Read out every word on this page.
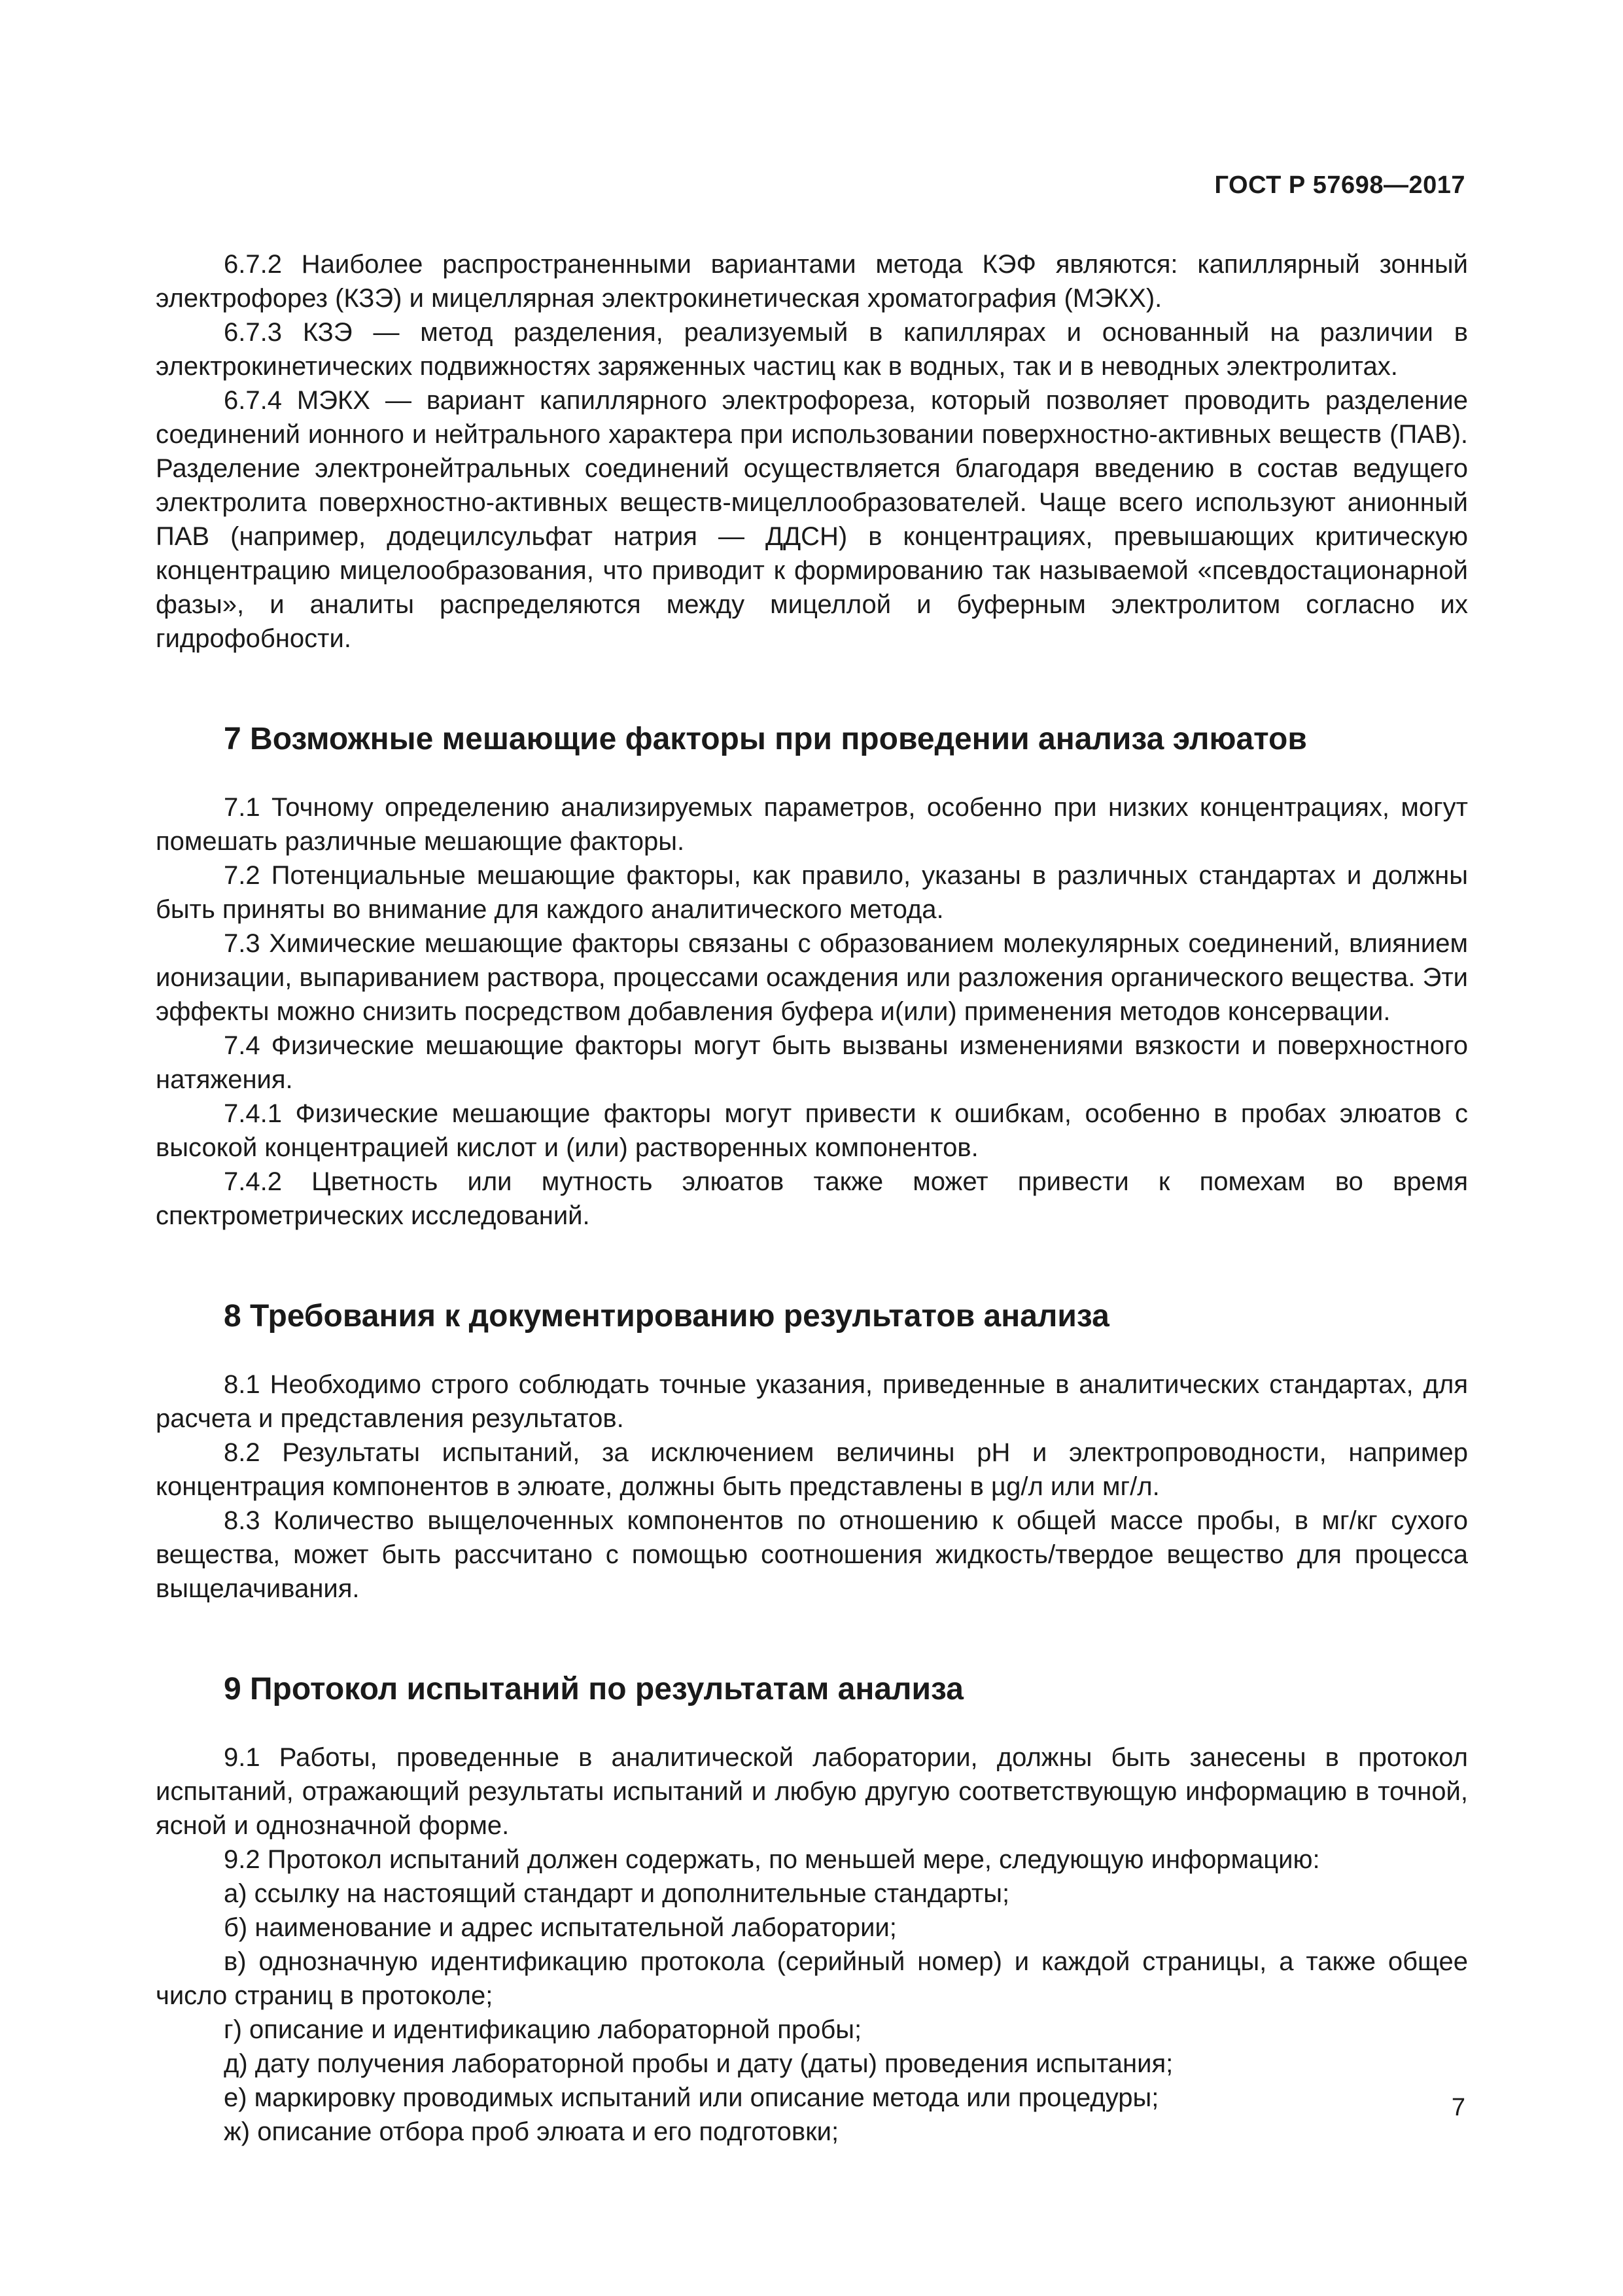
ГОСТ Р 57698—2017

6.7.2 Наиболее распространенными вариантами метода КЭФ являются: капиллярный зонный электрофорез (КЗЭ) и мицеллярная электрокинетическая хроматография (МЭКХ).

6.7.3 КЗЭ — метод разделения, реализуемый в капиллярах и основанный на различии в электрокинетических подвижностях заряженных частиц как в водных, так и в неводных электролитах.

6.7.4 МЭКХ — вариант капиллярного электрофореза, который позволяет проводить разделение соединений ионного и нейтрального характера при использовании поверхностно-активных веществ (ПАВ). Разделение электронейтральных соединений осуществляется благодаря введению в состав ведущего электролита поверхностно-активных веществ-мицеллообразователей. Чаще всего используют анионный ПАВ (например, додецилсульфат натрия — ДДСН) в концентрациях, превышающих критическую концентрацию мицелообразования, что приводит к формированию так называемой «псевдостационарной фазы», и аналиты распределяются между мицеллой и буферным электролитом согласно их гидрофобности.

7 Возможные мешающие факторы при проведении анализа элюатов

7.1 Точному определению анализируемых параметров, особенно при низких концентрациях, могут помешать различные мешающие факторы.

7.2 Потенциальные мешающие факторы, как правило, указаны в различных стандартах и должны быть приняты во внимание для каждого аналитического метода.

7.3 Химические мешающие факторы связаны с образованием молекулярных соединений, влиянием ионизации, выпариванием раствора, процессами осаждения или разложения органического вещества. Эти эффекты можно снизить посредством добавления буфера и(или) применения методов консервации.

7.4 Физические мешающие факторы могут быть вызваны изменениями вязкости и поверхностного натяжения.

7.4.1 Физические мешающие факторы могут привести к ошибкам, особенно в пробах элюатов с высокой концентрацией кислот и (или) растворенных компонентов.

7.4.2 Цветность или мутность элюатов также может привести к помехам во время спектрометрических исследований.

8 Требования к документированию результатов анализа

8.1 Необходимо строго соблюдать точные указания, приведенные в аналитических стандартах, для расчета и представления результатов.

8.2 Результаты испытаний, за исключением величины pH и электропроводности, например концентрация компонентов в элюате, должны быть представлены в µg/л или мг/л.

8.3 Количество выщелоченных компонентов по отношению к общей массе пробы, в мг/кг сухого вещества, может быть рассчитано с помощью соотношения жидкость/твердое вещество для процесса выщелачивания.

9 Протокол испытаний по результатам анализа

9.1 Работы, проведенные в аналитической лаборатории, должны быть занесены в протокол испытаний, отражающий результаты испытаний и любую другую соответствующую информацию в точной, ясной и однозначной форме.

9.2 Протокол испытаний должен содержать, по меньшей мере, следующую информацию:

а) ссылку на настоящий стандарт и дополнительные стандарты;

б) наименование и адрес испытательной лаборатории;

в) однозначную идентификацию протокола (серийный номер) и каждой страницы, а также общее число страниц в протоколе;

г) описание и идентификацию лабораторной пробы;

д) дату получения лабораторной пробы и дату (даты) проведения испытания;

е) маркировку проводимых испытаний или описание метода или процедуры;

ж) описание отбора проб элюата и его подготовки;

7
